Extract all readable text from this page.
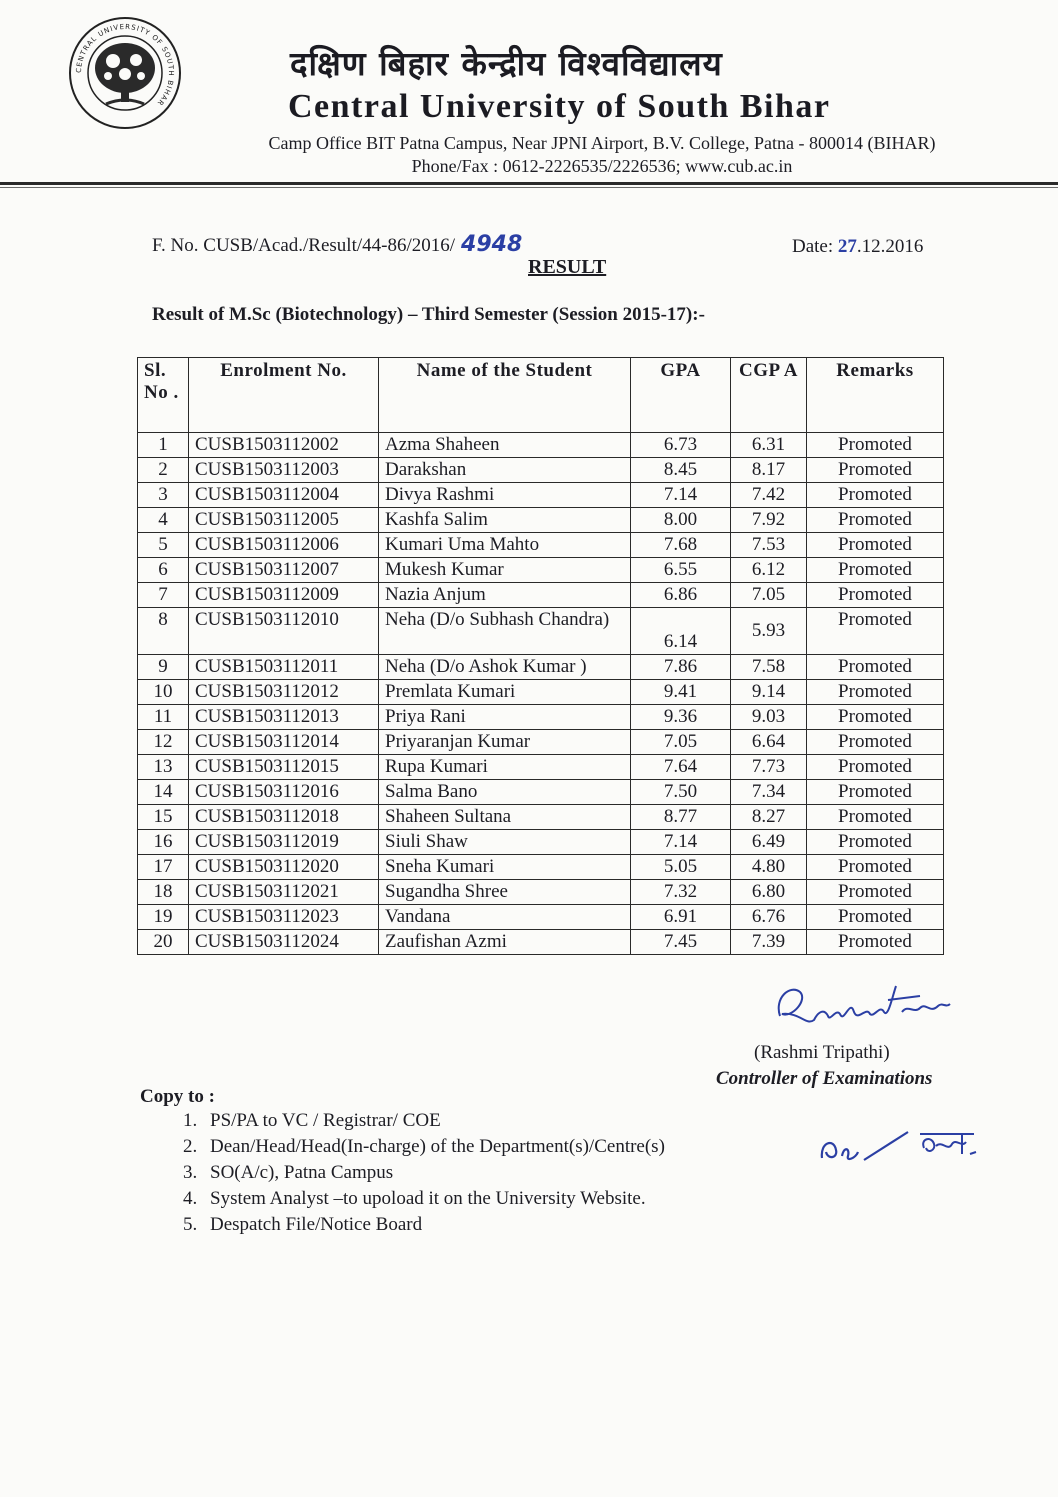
CENTRAL UNIVERSITY OF SOUTH BIHAR
दक्षिण बिहार केन्द्रीय विश्वविद्यालय
Central University of South Bihar
Camp Office BIT Patna Campus, Near JPNI Airport, B.V. College, Patna - 800014 (BIHAR)
Phone/Fax : 0612-2226535/2226536; www.cub.ac.in
F. No. CUSB/Acad./Result/44-86/2016/ 4948	Date: 27.12.2016
RESULT
Result of M.Sc (Biotechnology) – Third Semester (Session 2015-17):-
Sl. No .	Enrolment No.	Name of the Student	GPA	CGP A	Remarks
1	CUSB1503112002	Azma Shaheen	6.73	6.31	Promoted
2	CUSB1503112003	Darakshan	8.45	8.17	Promoted
3	CUSB1503112004	Divya Rashmi	7.14	7.42	Promoted
4	CUSB1503112005	Kashfa Salim	8.00	7.92	Promoted
5	CUSB1503112006	Kumari Uma Mahto	7.68	7.53	Promoted
6	CUSB1503112007	Mukesh Kumar	6.55	6.12	Promoted
7	CUSB1503112009	Nazia Anjum	6.86	7.05	Promoted
8	CUSB1503112010	Neha (D/o Subhash Chandra)	6.14	5.93	Promoted
9	CUSB1503112011	Neha (D/o Ashok Kumar )	7.86	7.58	Promoted
10	CUSB1503112012	Premlata Kumari	9.41	9.14	Promoted
11	CUSB1503112013	Priya Rani	9.36	9.03	Promoted
12	CUSB1503112014	Priyaranjan Kumar	7.05	6.64	Promoted
13	CUSB1503112015	Rupa Kumari	7.64	7.73	Promoted
14	CUSB1503112016	Salma Bano	7.50	7.34	Promoted
15	CUSB1503112018	Shaheen Sultana	8.77	8.27	Promoted
16	CUSB1503112019	Siuli Shaw	7.14	6.49	Promoted
17	CUSB1503112020	Sneha Kumari	5.05	4.80	Promoted
18	CUSB1503112021	Sugandha Shree	7.32	6.80	Promoted
19	CUSB1503112023	Vandana	6.91	6.76	Promoted
20	CUSB1503112024	Zaufishan Azmi	7.45	7.39	Promoted
(Rashmi Tripathi)
Controller of Examinations
Copy to :
1. PS/PA to VC / Registrar/ COE
2. Dean/Head/Head(In-charge) of the Department(s)/Centre(s)
3. SO(A/c), Patna Campus
4. System Analyst –to upoload it on the University Website.
5. Despatch File/Notice Board
